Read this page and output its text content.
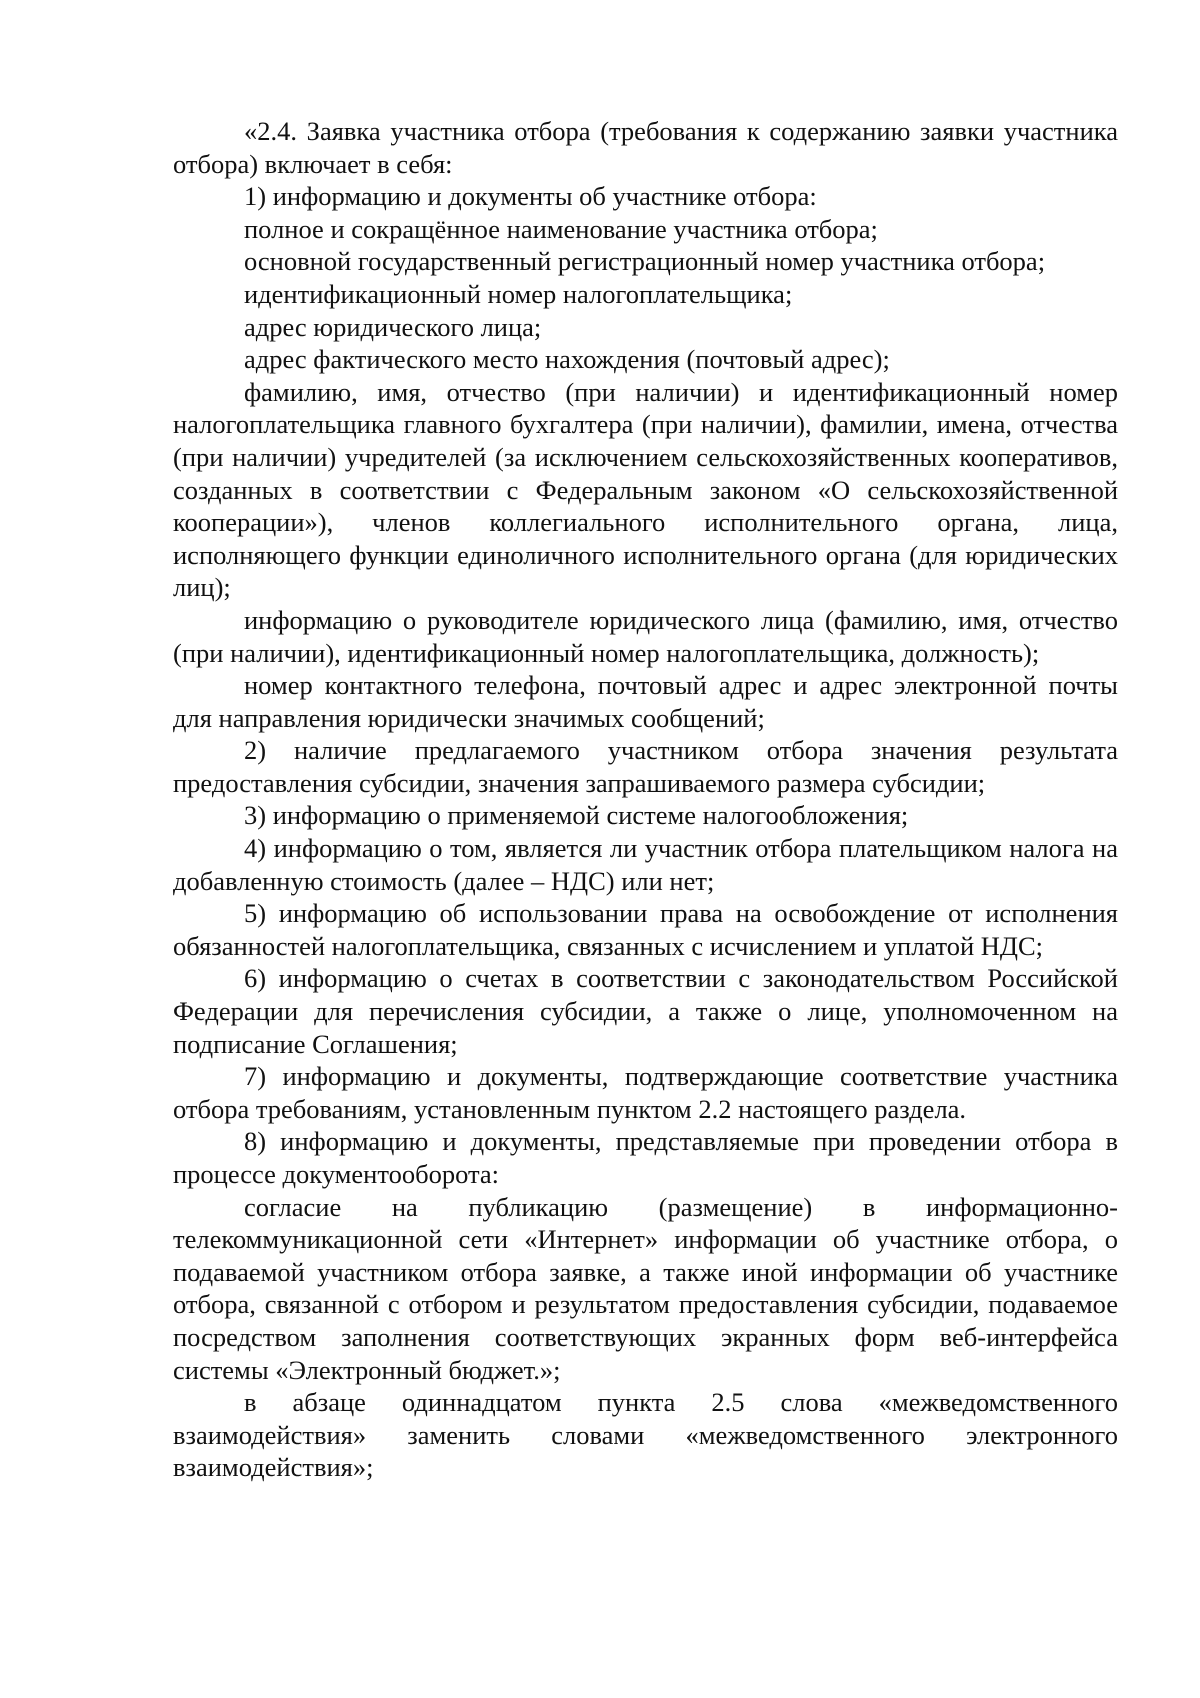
«2.4. Заявка участника отбора (требования к содержанию заявки участника отбора) включает в себя:

1) информацию и документы об участнике отбора:

полное и сокращённое наименование участника отбора;

основной государственный регистрационный номер участника отбора;

идентификационный номер налогоплательщика;

адрес юридического лица;

адрес фактического место нахождения (почтовый адрес);

фамилию, имя, отчество (при наличии) и идентификационный номер налогоплательщика главного бухгалтера (при наличии), фамилии, имена, отчества (при наличии) учредителей (за исключением сельскохозяйственных кооперативов, созданных в соответствии с Федеральным законом «О сельскохозяйственной кооперации»), членов коллегиального исполнительного органа, лица, исполняющего функции единоличного исполнительного органа (для юридических лиц);

информацию о руководителе юридического лица (фамилию, имя, отчество (при наличии), идентификационный номер налогоплательщика, должность);

номер контактного телефона, почтовый адрес и адрес электронной почты для направления юридически значимых сообщений;

2) наличие предлагаемого участником отбора значения результата предоставления субсидии, значения запрашиваемого размера субсидии;

3) информацию о применяемой системе налогообложения;

4) информацию о том, является ли участник отбора плательщиком налога на добавленную стоимость (далее – НДС) или нет;

5) информацию об использовании права на освобождение от исполнения обязанностей налогоплательщика, связанных с исчислением и уплатой НДС;

6) информацию о счетах в соответствии с законодательством Российской Федерации для перечисления субсидии, а также о лице, уполномоченном на подписание Соглашения;

7) информацию и документы, подтверждающие соответствие участника отбора требованиям, установленным пунктом 2.2 настоящего раздела.

8) информацию и документы, представляемые при проведении отбора в процессе документооборота:

согласие на публикацию (размещение) в информационно-телекоммуникационной сети «Интернет» информации об участнике отбора, о подаваемой участником отбора заявке, а также иной информации об участнике отбора, связанной с отбором и результатом предоставления субсидии, подаваемое посредством заполнения соответствующих экранных форм веб-интерфейса системы «Электронный бюджет.»;

в абзаце одиннадцатом пункта 2.5 слова «межведомственного взаимодействия» заменить словами «межведомственного электронного взаимодействия»;
